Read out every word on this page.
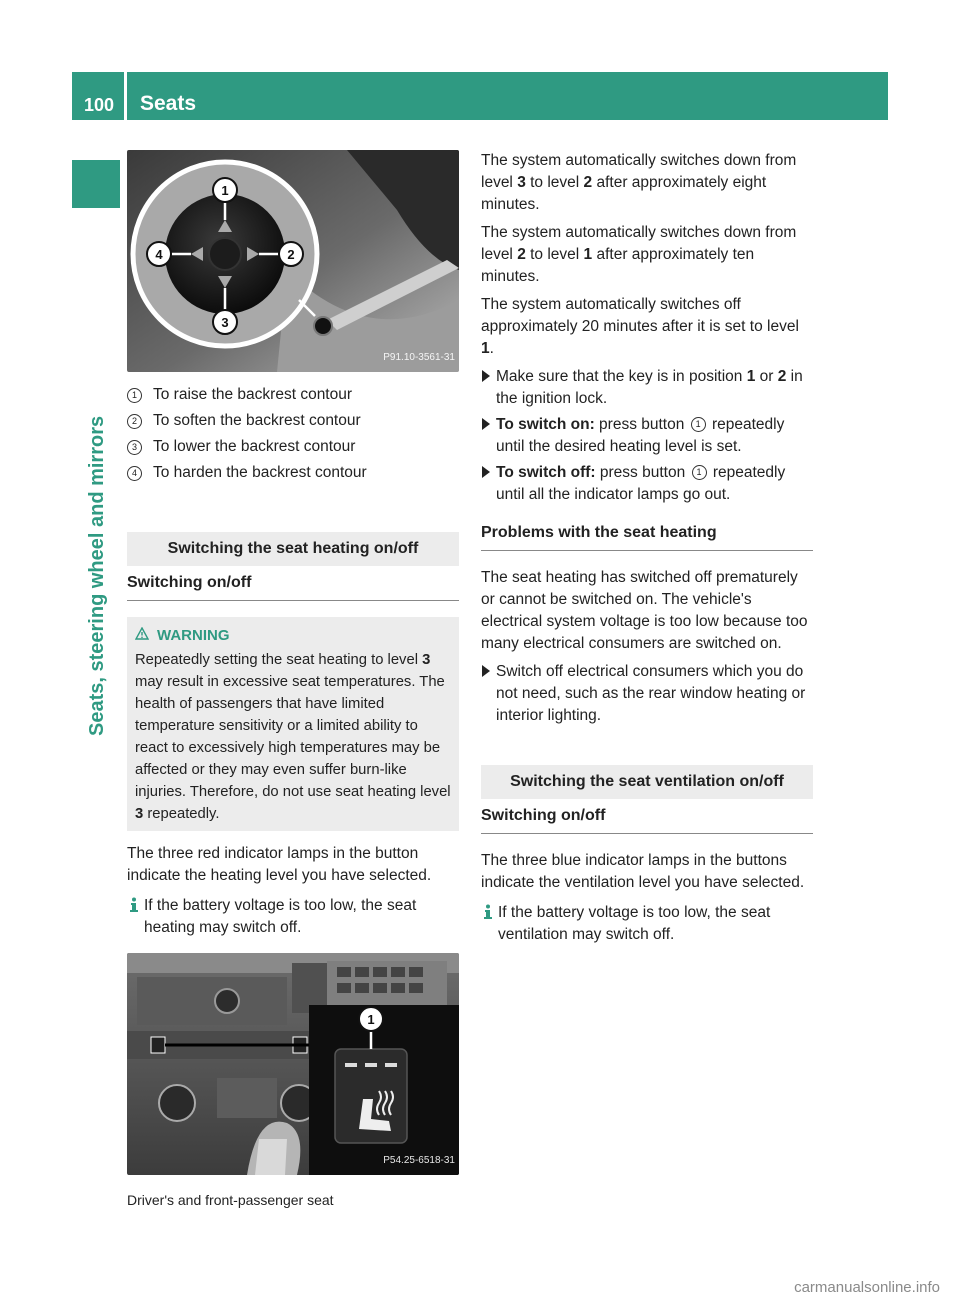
100 Seats
Seats, steering wheel and mirrors
1
2
3
4
P91.10-3561-31
1	To raise the backrest contour
2	To soften the backrest contour
3	To lower the backrest contour
4	To harden the backrest contour
Switching the seat heating on/off
Switching on/off
WARNING
Repeatedly setting the seat heating to level 3 may result in excessive seat temperatures. The health of passengers that have limited temperature sensitivity or a limited ability to react to excessively high temperatures may be affected or they may even suffer burn-like injuries. Therefore, do not use seat heating level 3 repeatedly.

The three red indicator lamps in the button indicate the heating level you have selected.

If the battery voltage is too low, the seat heating may switch off.
1
P54.25-6518-31
Driver's and front-passenger seat

The system automatically switches down from level 3 to level 2 after approximately eight minutes.

The system automatically switches down from level 2 to level 1 after approximately ten minutes.

The system automatically switches off approximately 20 minutes after it is set to level 1.

Make sure that the key is in position 1 or 2 in the ignition lock.
To switch on: press button 1 repeatedly until the desired heating level is set.
To switch off: press button 1 repeatedly until all the indicator lamps go out.
Problems with the seat heating

The seat heating has switched off prematurely or cannot be switched on. The vehicle's electrical system voltage is too low because too many electrical consumers are switched on.

Switch off electrical consumers which you do not need, such as the rear window heating or interior lighting.
Switching the seat ventilation on/off
Switching on/off

The three blue indicator lamps in the buttons indicate the ventilation level you have selected.

If the battery voltage is too low, the seat ventilation may switch off.
carmanualsonline.info
